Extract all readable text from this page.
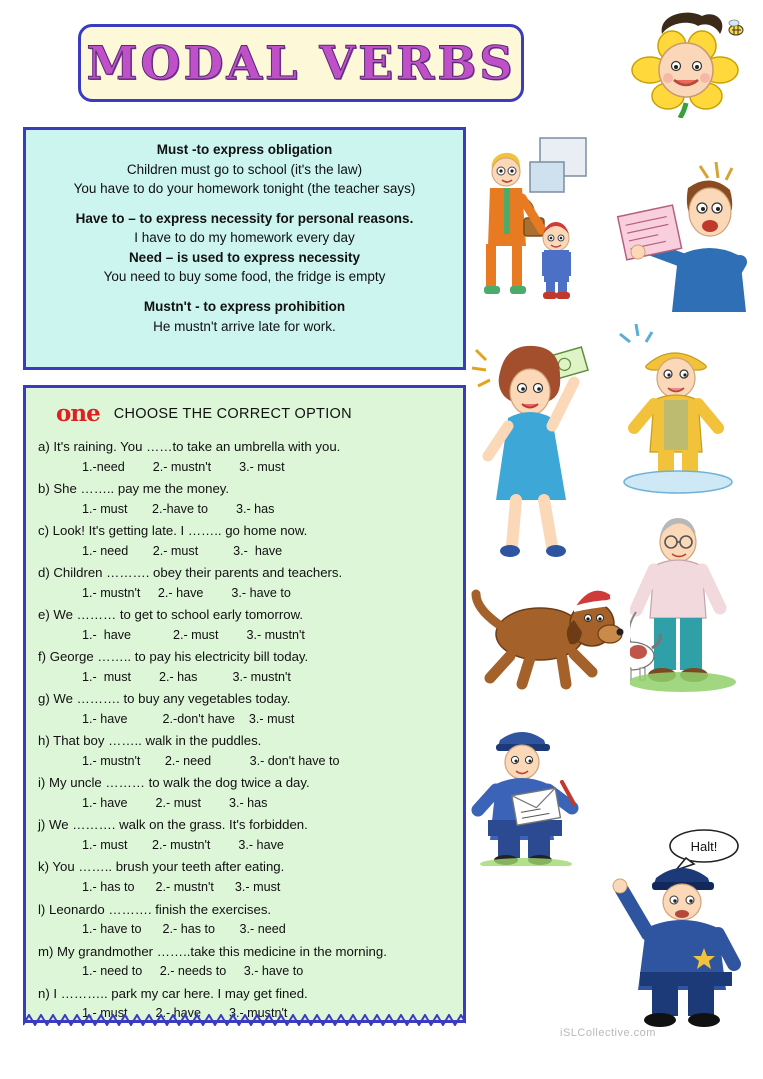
MODAL VERBS
Must -to express obligation
Children must go to school (it's the law)
You have to do your homework tonight (the teacher says)
Have to – to express necessity for personal reasons.
I have to do my homework every day
Need – is used to express necessity
You need to buy some food, the fridge is empty
Mustn't - to express prohibition
He mustn't arrive late for work.
one CHOOSE THE CORRECT OPTION
a) It's raining. You ……to take an umbrella with you.
1.-need        2.- mustn't        3.- must
b) She …….. pay me the money.
1.- must       2.-have to        3.- has
c) Look! It's getting late. I …….. go home now.
1.- need       2.- must          3.-  have
d) Children ………. obey their parents and teachers.
1.- mustn't     2.- have        3.- have to
e) We ……… to get to school early tomorrow.
1.-  have            2.- must        3.- mustn't
f) George …….. to pay his electricity bill today.
1.-  must        2.- has          3.- mustn't
g) We ………. to buy any vegetables today.
1.- have          2.-don't have    3.- must
h) That boy …….. walk in the puddles.
1.- mustn't       2.- need           3.- don't have to
i) My uncle ……… to walk the dog twice a day.
1.- have        2.- must        3.- has
j) We ………. walk on the grass. It's forbidden.
1.- must       2.- mustn't        3.- have
k) You …….. brush your teeth after eating.
1.- has to      2.- mustn't      3.- must
l) Leonardo ………. finish the exercises.
1.- have to      2.- has to       3.- need
m) My grandmother ……..take this medicine in the morning.
1.- need to     2.- needs to     3.- have to
n) I ……….. park my car here. I may get fined.
1.- must        2.- have        3.- mustn't
Halt!
iSLCollective.com
